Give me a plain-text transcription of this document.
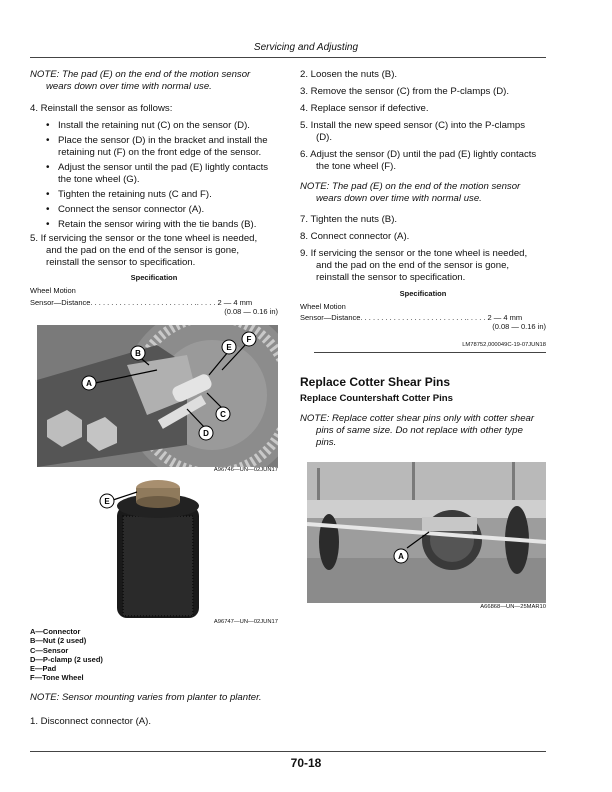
Servicing and Adjusting
NOTE: The pad (E) on the end of the motion sensor
wears down over time with normal use.
4. Reinstall the sensor as follows:
• Install the retaining nut (C) on the sensor (D).
• Place the sensor (D) in the bracket and install the
retaining nut (F) on the front edge of the sensor.
• Adjust the sensor until the pad (E) lightly contacts
the tone wheel (G).
• Tighten the retaining nuts (C and F).
• Connect the sensor connector (A).
• Retain the sensor wiring with the tie bands (B).
5. If servicing the sensor or the tone wheel is needed,
and the pad on the end of the sensor is gone,
reinstall the sensor to specification.
Specification
Wheel Motion
Sensor—Distance. . . . . . . . . . . . . . . . . . . . . . . . . .. . . . . 2 — 4 mm
(0.08 — 0.16 in)
A
B
C
D
E
F
A96746—UN—02JUN17
E
A96747—UN—02JUN17
A—Connector
B—Nut (2 used)
C—Sensor
D—P-clamp (2 used)
E—Pad
F—Tone Wheel
NOTE: Sensor mounting varies from planter to planter.
1. Disconnect connector (A).
2. Loosen the nuts (B).
3. Remove the sensor (C) from the P-clamps (D).
4. Replace sensor if defective.
5. Install the new speed sensor (C) into the P-clamps
(D).
6. Adjust the sensor (D) until the pad (E) lightly contacts
the tone wheel (F).
NOTE: The pad (E) on the end of the motion sensor
wears down over time with normal use.
7. Tighten the nuts (B).
8. Connect connector (A).
9. If servicing the sensor or the tone wheel is needed,
and the pad on the end of the sensor is gone,
reinstall the sensor to specification.
Specification
Wheel Motion
Sensor—Distance. . . . . . . . . . . . . . . . . . . . . . . . . .. . . . . 2 — 4 mm
(0.08 — 0.16 in)
LM78752,000049C-19-07JUN18
Replace Cotter Shear Pins
Replace Countershaft Cotter Pins
NOTE: Replace cotter shear pins only with cotter shear
pins of same size. Do not replace with other type
pins.
A
A66868—UN—25MAR10
70-18
